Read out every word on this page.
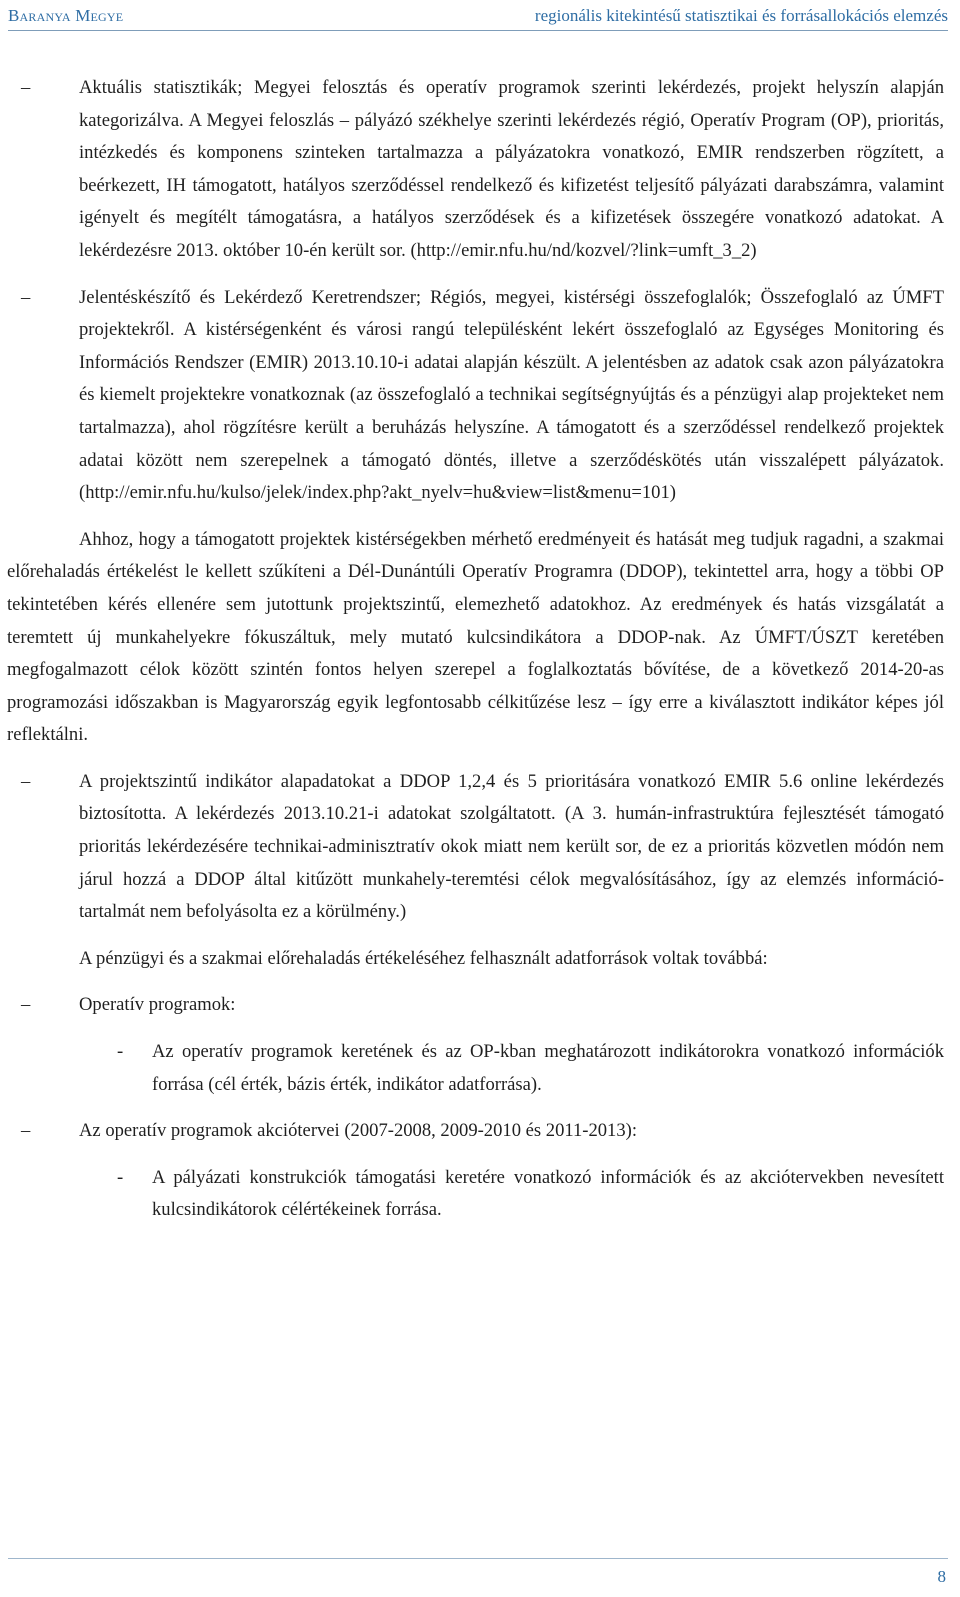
Baranya Megye	regionális kitekintésű statisztikai és forrásallokációs elemzés

–	Aktuális statisztikák; Megyei felosztás és operatív programok szerinti lekérdezés, projekt helyszín alapján kategorizálva. A Megyei feloszlás – pályázó székhelye szerinti lekérdezés régió, Operatív Program (OP), prioritás, intézkedés és komponens szinteken tartalmazza a pályázatokra vonatkozó, EMIR rendszerben rögzített, a beérkezett, IH támogatott, hatályos szerződéssel rendelkező és kifizetést teljesítő pályázati darabszámra, valamint igényelt és megítélt támogatásra, a hatályos szerződések és a kifizetések összegére vonatkozó adatokat. A lekérdezésre 2013. október 10-én került sor. (http://emir.nfu.hu/nd/kozvel/?link=umft_3_2)

–	Jelentéskészítő és Lekérdező Keretrendszer; Régiós, megyei, kistérségi összefoglalók; Összefoglaló az ÚMFT projektekről. A kistérségenként és városi rangú településként lekért összefoglaló az Egységes Monitoring és Információs Rendszer (EMIR) 2013.10.10-i adatai alapján készült. A jelentésben az adatok csak azon pályázatokra és kiemelt projektekre vonatkoznak (az összefoglaló a technikai segítségnyújtás és a pénzügyi alap projekteket nem tartalmazza), ahol rögzítésre került a beruházás helyszíne. A támogatott és a szerződéssel rendelkező projektek adatai között nem szerepelnek a támogató döntés, illetve a szerződéskötés után visszalépett pályázatok. (http://emir.nfu.hu/kulso/jelek/index.php?akt_nyelv=hu&view=list&menu=101)

Ahhoz, hogy a támogatott projektek kistérségekben mérhető eredményeit és hatását meg tudjuk ragadni, a szakmai előrehaladás értékelést le kellett szűkíteni a Dél-Dunántúli Operatív Programra (DDOP), tekintettel arra, hogy a többi OP tekintetében kérés ellenére sem jutottunk projektszintű, elemezhető adatokhoz. Az eredmények és hatás vizsgálatát a teremtett új munkahelyekre fókuszáltuk, mely mutató kulcsindikátora a DDOP-nak. Az ÚMFT/ÚSZT keretében megfogalmazott célok között szintén fontos helyen szerepel a foglalkoztatás bővítése, de a következő 2014-20-as programozási időszakban is Magyarország egyik legfontosabb célkitűzése lesz – így erre a kiválasztott indikátor képes jól reflektálni.

–	A projektszintű indikátor alapadatokat a DDOP 1,2,4 és 5 prioritására vonatkozó EMIR 5.6 online lekérdezés biztosította. A lekérdezés 2013.10.21-i adatokat szolgáltatott. (A 3. humán-infrastruktúra fejlesztését támogató prioritás lekérdezésére technikai-adminisztratív okok miatt nem került sor, de ez a prioritás közvetlen módón nem járul hozzá a DDOP által kitűzött munkahely-teremtési célok megvalósításához, így az elemzés információ-tartalmát nem befolyásolta ez a körülmény.)

A pénzügyi és a szakmai előrehaladás értékeléséhez felhasznált adatforrások voltak továbbá:

–	Operatív programok:

- Az operatív programok keretének és az OP-kban meghatározott indikátorokra vonatkozó információk forrása (cél érték, bázis érték, indikátor adatforrása).

–	Az operatív programok akciótervei (2007-2008, 2009-2010 és 2011-2013):

- A pályázati konstrukciók támogatási keretére vonatkozó információk és az akciótervekben nevesített kulcsindikátorok célértékeinek forrása.

8
